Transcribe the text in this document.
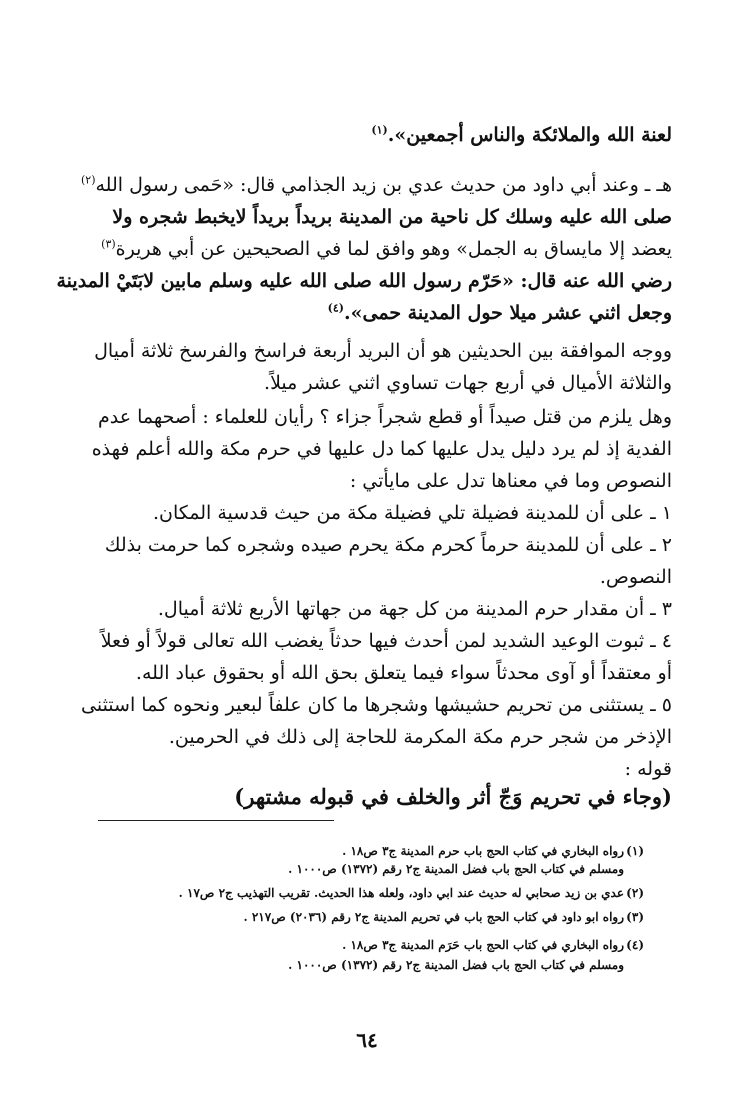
لعنة الله والملائكة والناس أجمعين».$^{(١)}$
هـ ـ وعند أبي داود من حديث عدي بن زيد الجذامي قال: «حَمى رسول الله$^{(٢)}$
صلى الله عليه وسلك كل ناحية من المدينة بريداً بريداً لايخبط شجره ولا
يعضد إلا مايساق به الجمل» وهو وافق لما في الصحيحين عن أبي هريرة$^{(٣)}$
رضي الله عنه قال: «حَرّم رسول الله صلى الله عليه وسلم مابين لابَتَيْ المدينة
وجعل اثني عشر ميلا حول المدينة حمى».$^{(٤)}$
ووجه الموافقة بين الحديثين هو أن البريد أربعة فراسخ والفرسخ ثلاثة أميال
والثلاثة الأميال في أربع جهات تساوي اثني عشر ميلاً.
وهل يلزم من قتل صيداً أو قطع شجراً جزاء ؟ رأيان للعلماء : أصحهما عدم
الفدية إذ لم يرد دليل يدل عليها كما دل عليها في حرم مكة والله أعلم فهذه
النصوص وما في معناها تدل على مايأتي :
١ ـ على أن للمدينة فضيلة تلي فضيلة مكة من حيث قدسية المكان.
٢ ـ على أن للمدينة حرماً كحرم مكة يحرم صيده وشجره كما حرمت بذلك
النصوص.
٣ ـ أن مقدار حرم المدينة من كل جهة من جهاتها الأربع ثلاثة أميال.
٤ ـ ثبوت الوعيد الشديد لمن أحدث فيها حدثاً يغضب الله تعالى قولاً أو فعلاً
أو معتقداً أو آوى محدثاً سواء فيما يتعلق بحق الله أو بحقوق عباد الله.
٥ ـ يستثنى من تحريم حشيشها وشجرها ما كان علفاً لبعير ونحوه كما استثنى
الإذخر من شجر حرم مكة المكرمة للحاجة إلى ذلك في الحرمين.
قوله :
(وجاء في تحريم وَجّ أثر والخلف في قبوله مشتهر)
(١)
رواه البخاري في كتاب الحج باب حرم المدينة ج٣ ص١٨ .
ومسلم في كتاب الحج باب فضل المدينة ج٢ رقم (١٣٧٢) ص١٠٠٠ .
(٢)
عدي بن زيد صحابي له حديث عند ابي داود، ولعله هذا الحديث. تقريب التهذيب ج٢ ص١٧ .
(٣)
رواه ابو داود في كتاب الحج باب في تحريم المدينة ج٢ رقم (٢٠٣٦) ص٢١٧ .
(٤)
رواه البخاري في كتاب الحج باب حَرَم المدينة ج٣ ص١٨ .
ومسلم في كتاب الحج باب فضل المدينة ج٢ رقم (١٣٧٢) ص١٠٠٠ .
٦٤
